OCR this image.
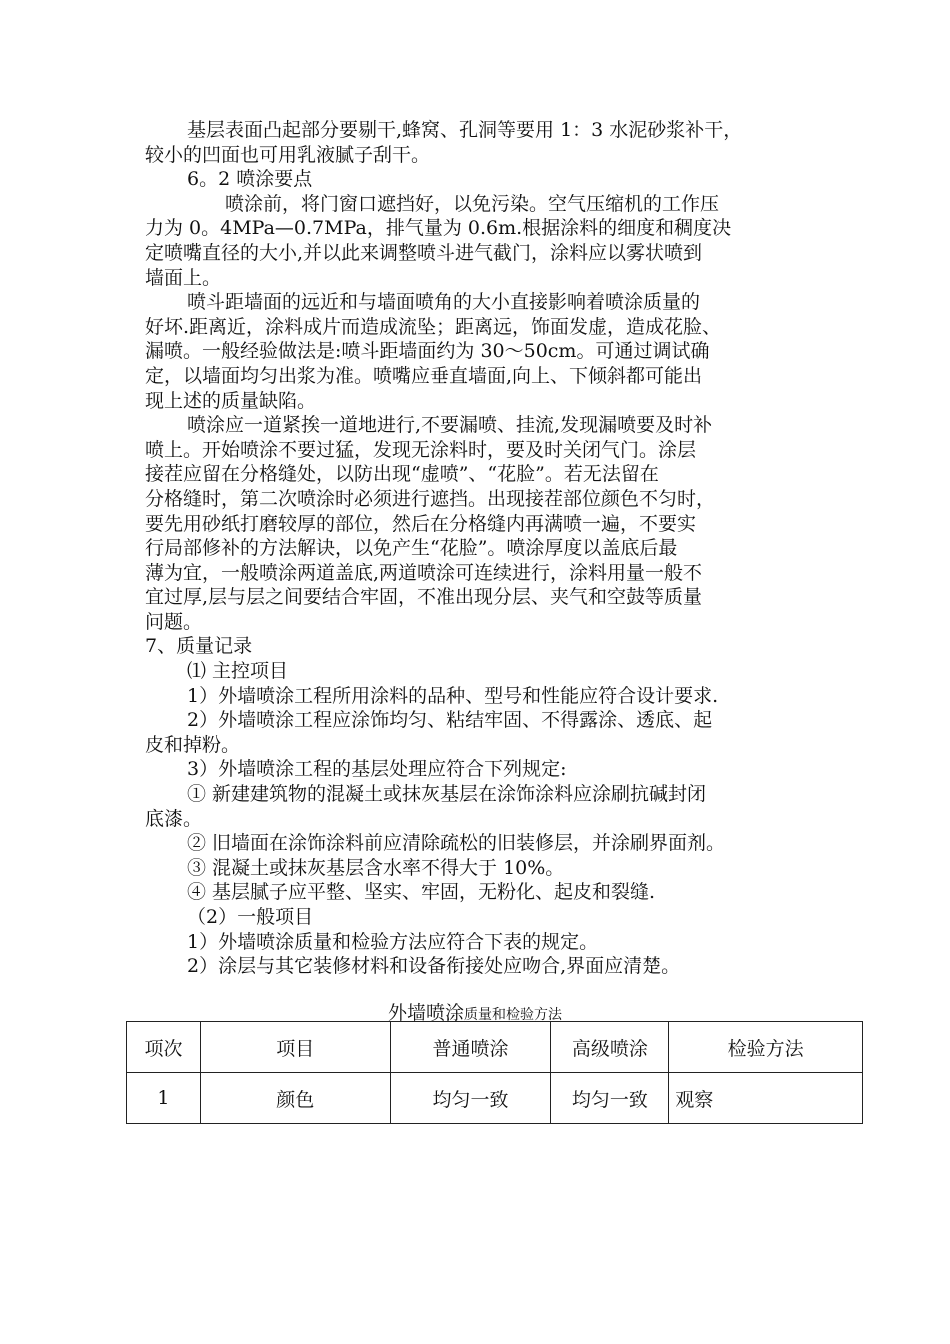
基层表面凸起部分要剔干,蜂窝、孔洞等要用 1：3 水泥砂浆补干，
较小的凹面也可用乳液腻子刮干。
6。2 喷涂要点
喷涂前，将门窗口遮挡好，以免污染。空气压缩机的工作压
力为 0。4MPa—0.7MPa，排气量为 0.6m.根据涂料的细度和稠度决
定喷嘴直径的大小,并以此来调整喷斗进气截门，涂料应以雾状喷到
墙面上。
喷斗距墙面的远近和与墙面喷角的大小直接影响着喷涂质量的
好坏.距离近，涂料成片而造成流坠；距离远，饰面发虚，造成花脸、
漏喷。一般经验做法是:喷斗距墙面约为 30～50cm。可通过调试确
定，以墙面均匀出浆为准。喷嘴应垂直墙面,向上、下倾斜都可能出
现上述的质量缺陷。
喷涂应一道紧挨一道地进行,不要漏喷、挂流,发现漏喷要及时补
喷上。开始喷涂不要过猛，发现无涂料时，要及时关闭气门。涂层
接茬应留在分格缝处，以防出现“虚喷”、“花脸”。若无法留在
分格缝时，第二次喷涂时必须进行遮挡。出现接茬部位颜色不匀时，
要先用砂纸打磨较厚的部位，然后在分格缝内再满喷一遍，不要实
行局部修补的方法解诀，以免产生“花脸”。喷涂厚度以盖底后最
薄为宜，一般喷涂两道盖底,两道喷涂可连续进行，涂料用量一般不
宜过厚,层与层之间要结合牢固，不准出现分层、夹气和空鼓等质量
问题。
7、质量记录
⑴ 主控项目
1）外墙喷涂工程所用涂料的品种、型号和性能应符合设计要求.
2）外墙喷涂工程应涂饰均匀、粘结牢固、不得露涂、透底、起
皮和掉粉。
3）外墙喷涂工程的基层处理应符合下列规定:
① 新建建筑物的混凝土或抹灰基层在涂饰涂料应涂刷抗碱封闭
底漆。
② 旧墙面在涂饰涂料前应清除疏松的旧装修层，并涂刷界面剂。
③ 混凝土或抹灰基层含水率不得大于 10%。
④ 基层腻子应平整、坚实、牢固，无粉化、起皮和裂缝.
（2）一般项目
1）外墙喷涂质量和检验方法应符合下表的规定。
2）涂层与其它装修材料和设备衔接处应吻合,界面应清楚。
外墙喷涂质量和检验方法
项次	项目	普通喷涂	高级喷涂	检验方法
1	颜色	均匀一致	均匀一致	观察
